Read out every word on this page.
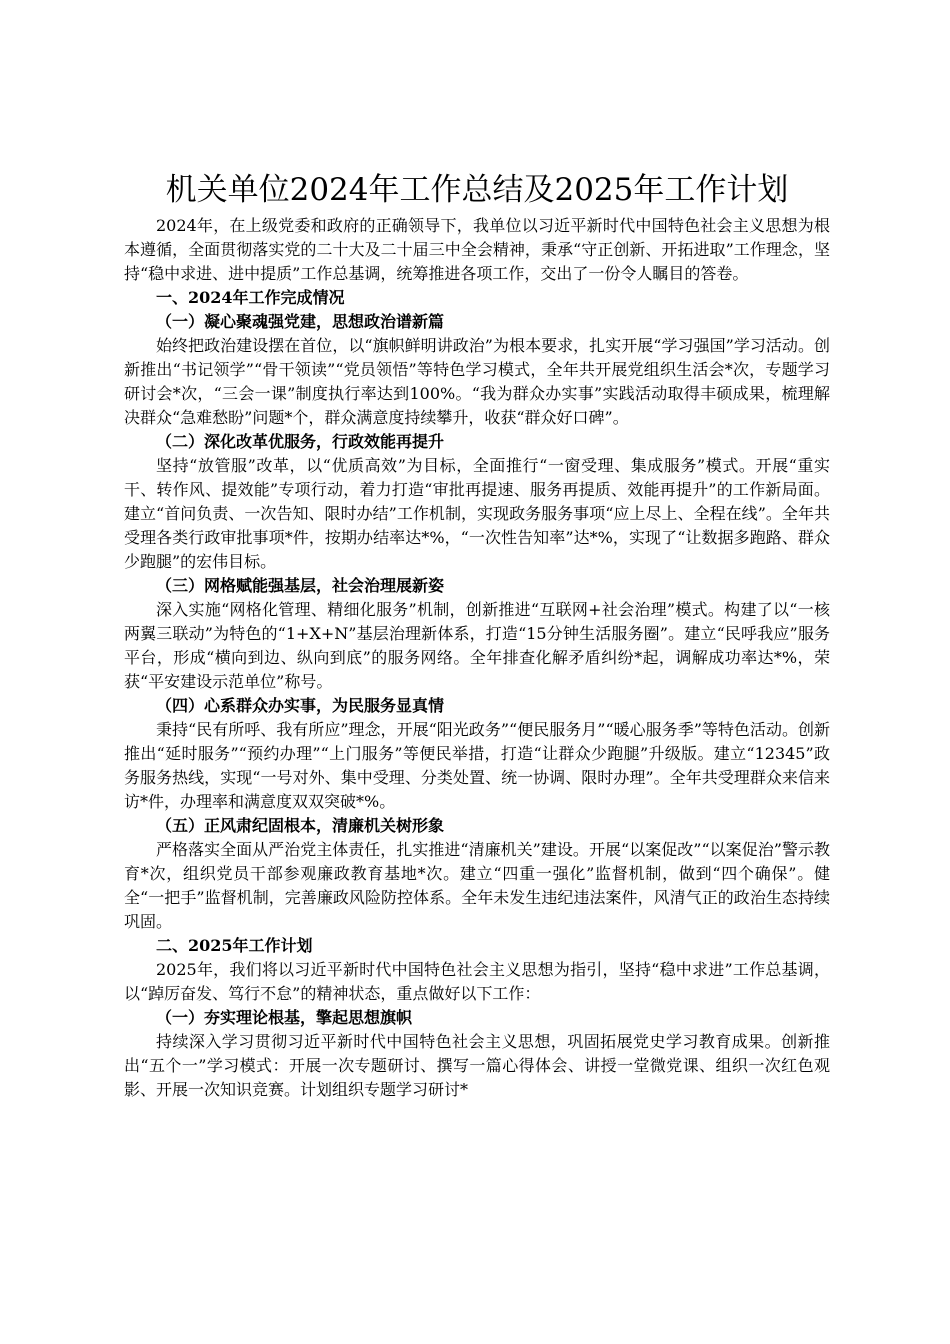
机关单位2024年工作总结及2025年工作计划

2024年，在上级党委和政府的正确领导下，我单位以习近平新时代中国特色社会主义思想为根本遵循，全面贯彻落实党的二十大及二十届三中全会精神，秉承“守正创新、开拓进取”工作理念，坚持“稳中求进、进中提质”工作总基调，统筹推进各项工作，交出了一份令人瞩目的答卷。

一、2024年工作完成情况

（一）凝心聚魂强党建，思想政治谱新篇

始终把政治建设摆在首位，以“旗帜鲜明讲政治”为根本要求，扎实开展“学习强国”学习活动。创新推出“书记领学”“骨干领读”“党员领悟”等特色学习模式，全年共开展党组织生活会*次，专题学习研讨会*次，“三会一课”制度执行率达到100%。“我为群众办实事”实践活动取得丰硕成果，梳理解决群众“急难愁盼”问题*个，群众满意度持续攀升，收获“群众好口碑”。

（二）深化改革优服务，行政效能再提升

坚持“放管服”改革，以“优质高效”为目标，全面推行“一窗受理、集成服务”模式。开展“重实干、转作风、提效能”专项行动，着力打造“审批再提速、服务再提质、效能再提升”的工作新局面。建立“首问负责、一次告知、限时办结”工作机制，实现政务服务事项“应上尽上、全程在线”。全年共受理各类行政审批事项*件，按期办结率达*%，“一次性告知率”达*%，实现了“让数据多跑路、群众少跑腿”的宏伟目标。

（三）网格赋能强基层，社会治理展新姿

深入实施“网格化管理、精细化服务”机制，创新推进“互联网+社会治理”模式。构建了以“一核两翼三联动”为特色的“1+X+N”基层治理新体系，打造“15分钟生活服务圈”。建立“民呼我应”服务平台，形成“横向到边、纵向到底”的服务网络。全年排查化解矛盾纠纷*起，调解成功率达*%，荣获“平安建设示范单位”称号。

（四）心系群众办实事，为民服务显真情

秉持“民有所呼、我有所应”理念，开展“阳光政务”“便民服务月”“暖心服务季”等特色活动。创新推出“延时服务”“预约办理”“上门服务”等便民举措，打造“让群众少跑腿”升级版。建立“12345”政务服务热线，实现“一号对外、集中受理、分类处置、统一协调、限时办理”。全年共受理群众来信来访*件，办理率和满意度双双突破*%。

（五）正风肃纪固根本，清廉机关树形象

严格落实全面从严治党主体责任，扎实推进“清廉机关”建设。开展“以案促改”“以案促治”警示教育*次，组织党员干部参观廉政教育基地*次。建立“四重一强化”监督机制，做到“四个确保”。健全“一把手”监督机制，完善廉政风险防控体系。全年未发生违纪违法案件，风清气正的政治生态持续巩固。

二、2025年工作计划

2025年，我们将以习近平新时代中国特色社会主义思想为指引，坚持“稳中求进”工作总基调，以“踔厉奋发、笃行不怠”的精神状态，重点做好以下工作：

（一）夯实理论根基，擎起思想旗帜

持续深入学习贯彻习近平新时代中国特色社会主义思想，巩固拓展党史学习教育成果。创新推出“五个一”学习模式：开展一次专题研讨、撰写一篇心得体会、讲授一堂微党课、组织一次红色观影、开展一次知识竞赛。计划组织专题学习研讨*
